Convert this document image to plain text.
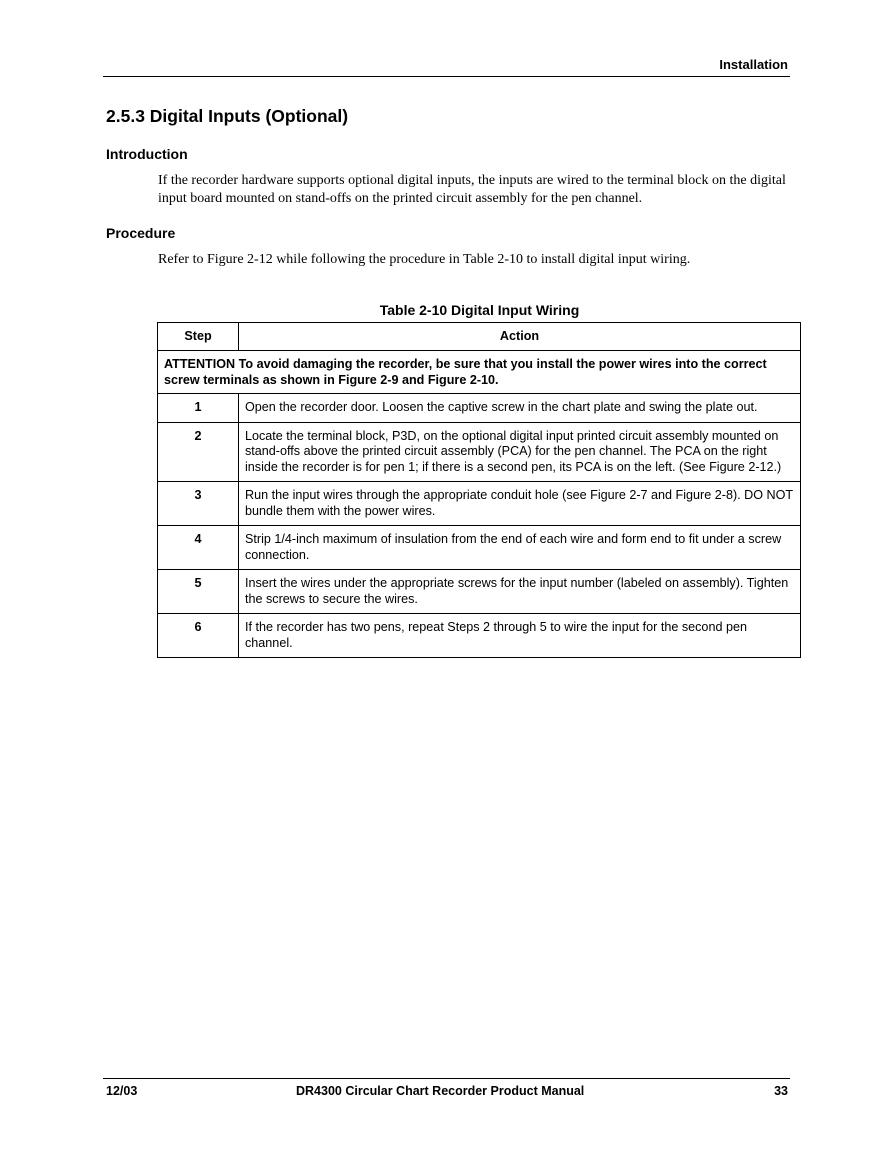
Installation
2.5.3 Digital Inputs (Optional)
Introduction

If the recorder hardware supports optional digital inputs, the inputs are wired to the terminal block on the digital input board mounted on stand-offs on the printed circuit assembly for the pen channel.

Procedure

Refer to Figure 2-12 while following the procedure in Table 2-10 to install digital input wiring.

Table 2-10 Digital Input Wiring
Step	Action
ATTENTION To avoid damaging the recorder, be sure that you install the power wires into the correct screw terminals as shown in Figure 2-9 and Figure 2-10.	
1	Open the recorder door. Loosen the captive screw in the chart plate and swing the plate out.
2	Locate the terminal block, P3D, on the optional digital input printed circuit assembly mounted on stand-offs above the printed circuit assembly (PCA) for the pen channel. The PCA on the right inside the recorder is for pen 1; if there is a second pen, its PCA is on the left. (See Figure 2-12.)
3	Run the input wires through the appropriate conduit hole (see Figure 2-7 and Figure 2-8). DO NOT bundle them with the power wires.
4	Strip 1/4-inch maximum of insulation from the end of each wire and form end to fit under a screw connection.
5	Insert the wires under the appropriate screws for the input number (labeled on assembly). Tighten the screws to secure the wires.
6	If the recorder has two pens, repeat Steps 2 through 5 to wire the input for the second pen channel.
12/03	DR4300 Circular Chart Recorder Product Manual	33
